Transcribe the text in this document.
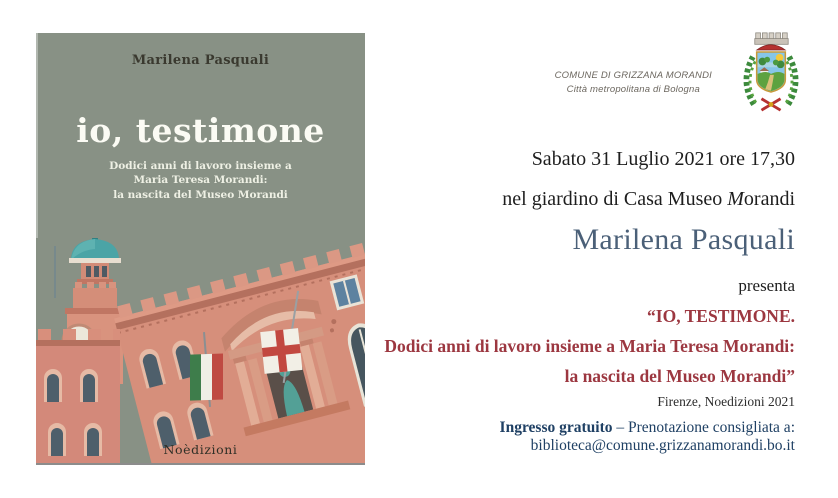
Marilena Pasquali
io, testimone
Dodici anni di lavoro insieme a
Maria Teresa Morandi:
la nascita del Museo Morandi
Noèdizioni
COMUNE DI GRIZZANA MORANDI
Città metropolitana di Bologna
Sabato 31 Luglio 2021 ore 17,30
nel giardino di Casa Museo Morandi
Marilena Pasquali
presenta
“IO, TESTIMONE.
Dodici anni di lavoro insieme a Maria Teresa Morandi:
la nascita del Museo Morandi”
Firenze, Noedizioni 2021
Ingresso gratuito – Prenotazione consigliata a:
biblioteca@comune.grizzanamorandi.bo.it
